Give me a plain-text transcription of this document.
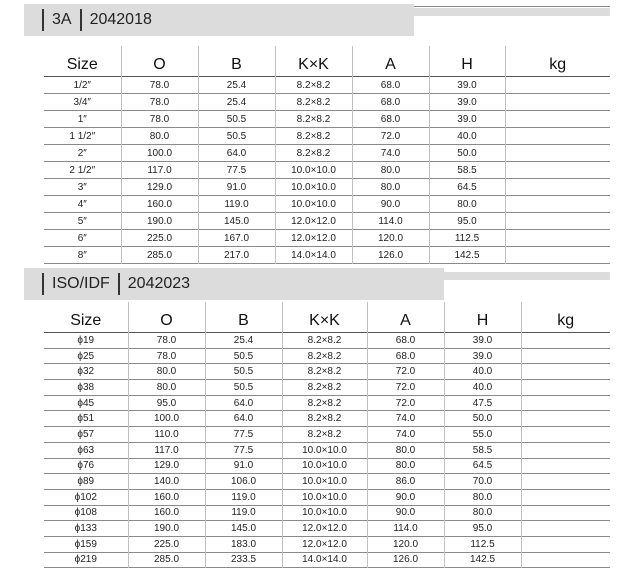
3A 2042018
Size	O	B	K×K	A	H	kg
1/2″	78.0	25.4	8.2×8.2	68.0	39.0	
3/4″	78.0	25.4	8.2×8.2	68.0	39.0	
1″	78.0	50.5	8.2×8.2	68.0	39.0	
1 1/2″	80.0	50.5	8.2×8.2	72.0	40.0	
2″	100.0	64.0	8.2×8.2	74.0	50.0	
2 1/2″	117.0	77.5	10.0×10.0	80.0	58.5	
3″	129.0	91.0	10.0×10.0	80.0	64.5	
4″	160.0	119.0	10.0×10.0	90.0	80.0	
5″	190.0	145.0	12.0×12.0	114.0	95.0	
6″	225.0	167.0	12.0×12.0	120.0	112.5	
8″	285.0	217.0	14.0×14.0	126.0	142.5	
ISO/IDF 2042023
Size	O	B	K×K	A	H	kg
ϕ19	78.0	25.4	8.2×8.2	68.0	39.0	
ϕ25	78.0	50.5	8.2×8.2	68.0	39.0	
ϕ32	80.0	50.5	8.2×8.2	72.0	40.0	
ϕ38	80.0	50.5	8.2×8.2	72.0	40.0	
ϕ45	95.0	64.0	8.2×8.2	72.0	47.5	
ϕ51	100.0	64.0	8.2×8.2	74.0	50.0	
ϕ57	110.0	77.5	8.2×8.2	74.0	55.0	
ϕ63	117.0	77.5	10.0×10.0	80.0	58.5	
ϕ76	129.0	91.0	10.0×10.0	80.0	64.5	
ϕ89	140.0	106.0	10.0×10.0	86.0	70.0	
ϕ102	160.0	119.0	10.0×10.0	90.0	80.0	
ϕ108	160.0	119.0	10.0×10.0	90.0	80.0	
ϕ133	190.0	145.0	12.0×12.0	114.0	95.0	
ϕ159	225.0	183.0	12.0×12.0	120.0	112.5	
ϕ219	285.0	233.5	14.0×14.0	126.0	142.5	
